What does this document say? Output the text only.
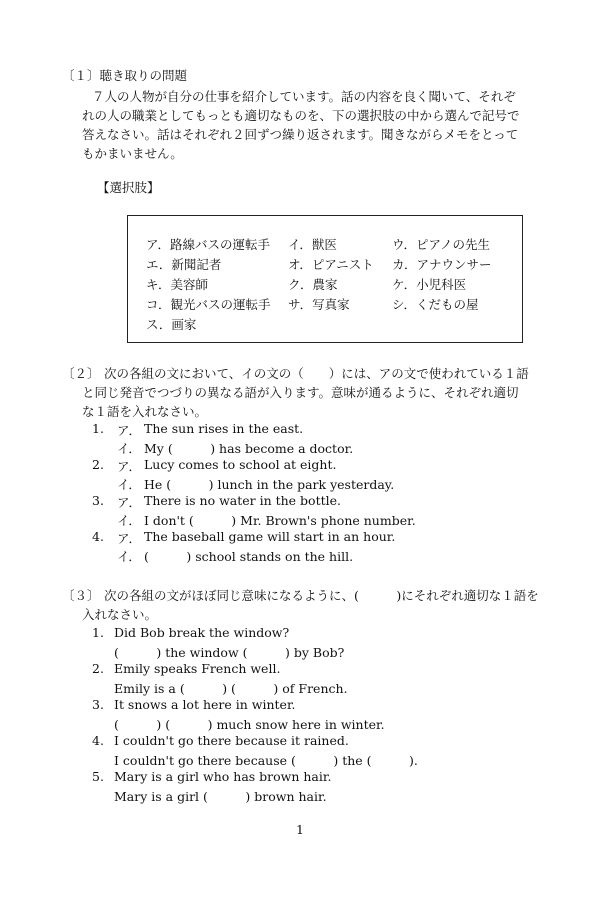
〔１〕聴き取りの問題
７人の人物が自分の仕事を紹介しています。話の内容を良く聞いて、それぞ
れの人の職業としてもっとも適切なものを、下の選択肢の中から選んで記号で
答えなさい。話はそれぞれ２回ずつ繰り返されます。聞きながらメモをとって
もかまいません。
【選択肢】
ア．路線バスの運転手 イ．獣医	ウ．ピアノの先生
エ．新聞記者	オ．ピアニスト カ．アナウンサー
キ．美容師	ク．農家	ケ．小児科医
コ．観光バスの運転手 サ．写真家	シ．くだもの屋
ス．画家
〔２〕 次の各組の文において、イの文の（　　）には、アの文で使われている１語
と同じ発音でつづりの異なる語が入ります。意味が通るように、それぞれ適切
な１語を入れなさい。
1. ア． The sun rises in the east.
イ． My (　　　) has become a doctor.
2. ア． Lucy comes to school at eight.
イ． He (　　　) lunch in the park yesterday.
3. ア． There is no water in the bottle.
イ． I don't (　　　) Mr. Brown's phone number.
4. ア． The baseball game will start in an hour.
イ． (　　　) school stands on the hill.
〔３〕 次の各組の文がほぼ同じ意味になるように、(　　　)にそれぞれ適切な１語を
入れなさい。
1. Did Bob break the window?
(　　　) the window (　　　) by Bob?
2. Emily speaks French well.
Emily is a (　　　) (　　　) of French.
3. It snows a lot here in winter.
(　　　) (　　　) much snow here in winter.
4. I couldn't go there because it rained.
I couldn't go there because (　　　) the (　　　).
5. Mary is a girl who has brown hair.
Mary is a girl (　　　) brown hair.
1
